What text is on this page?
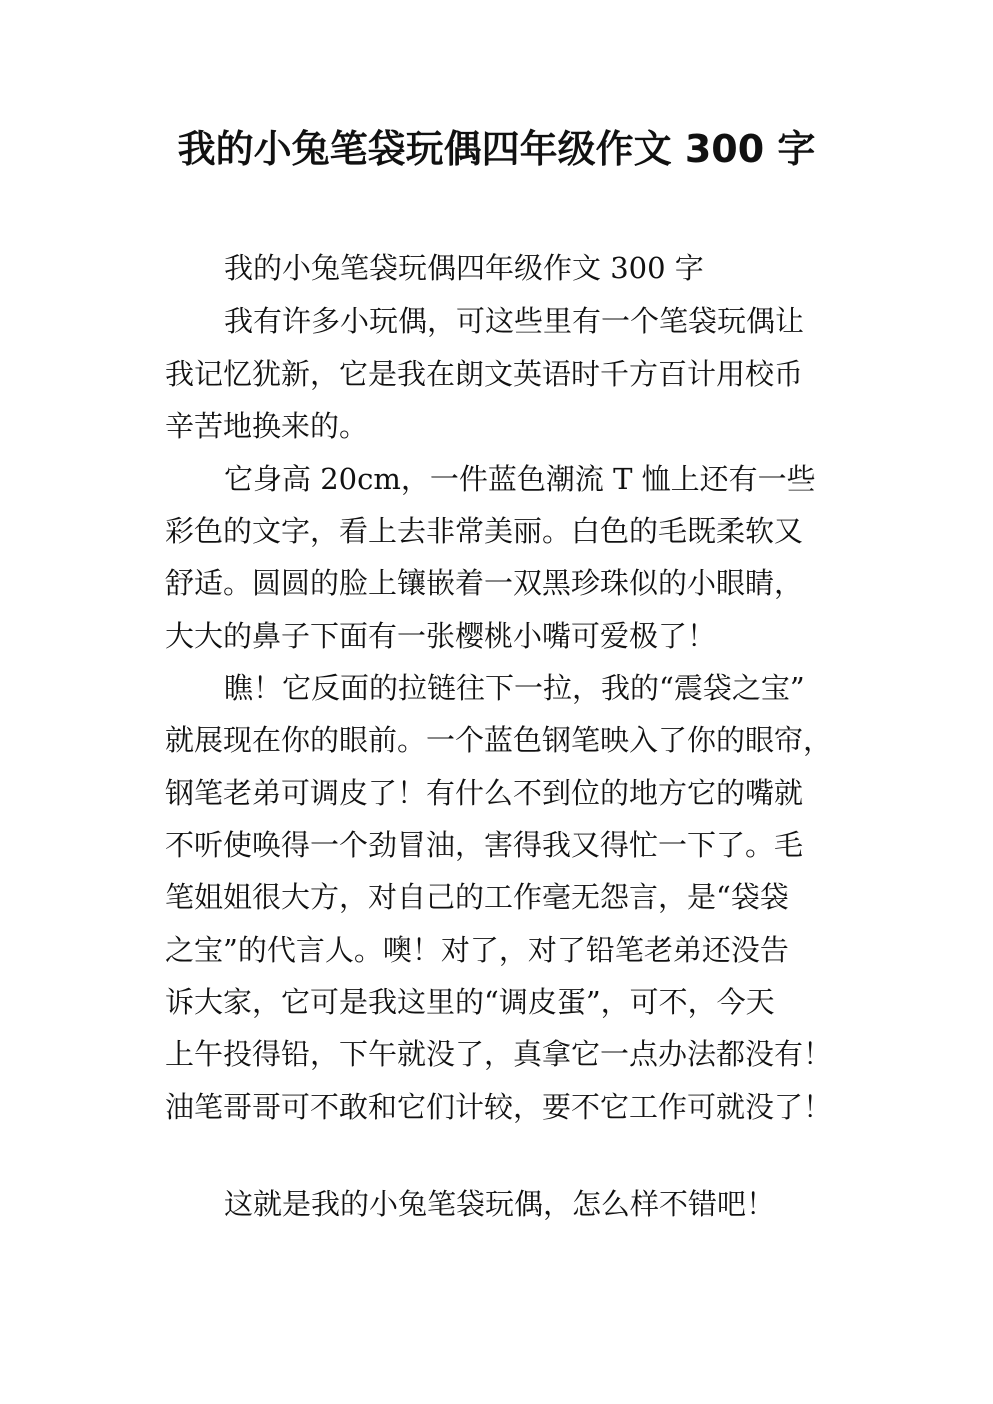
我的小兔笔袋玩偶四年级作文 300 字
我的小兔笔袋玩偶四年级作文 300 字
我有许多小玩偶，可这些里有一个笔袋玩偶让
我记忆犹新，它是我在朗文英语时千方百计用校币
辛苦地换来的。
它身高 20cm，一件蓝色潮流 T 恤上还有一些
彩色的文字，看上去非常美丽。白色的毛既柔软又
舒适。圆圆的脸上镶嵌着一双黑珍珠似的小眼睛，
大大的鼻子下面有一张樱桃小嘴可爱极了！
瞧！它反面的拉链往下一拉，我的“震袋之宝”
就展现在你的眼前。一个蓝色钢笔映入了你的眼帘，
钢笔老弟可调皮了！有什么不到位的地方它的嘴就
不听使唤得一个劲冒油，害得我又得忙一下了。毛
笔姐姐很大方，对自己的工作毫无怨言，是“袋袋
之宝”的代言人。噢！对了，对了铅笔老弟还没告
诉大家，它可是我这里的“调皮蛋”，可不，今天
上午投得铅，下午就没了，真拿它一点办法都没有！
油笔哥哥可不敢和它们计较，要不它工作可就没了！
这就是我的小兔笔袋玩偶，怎么样不错吧！
